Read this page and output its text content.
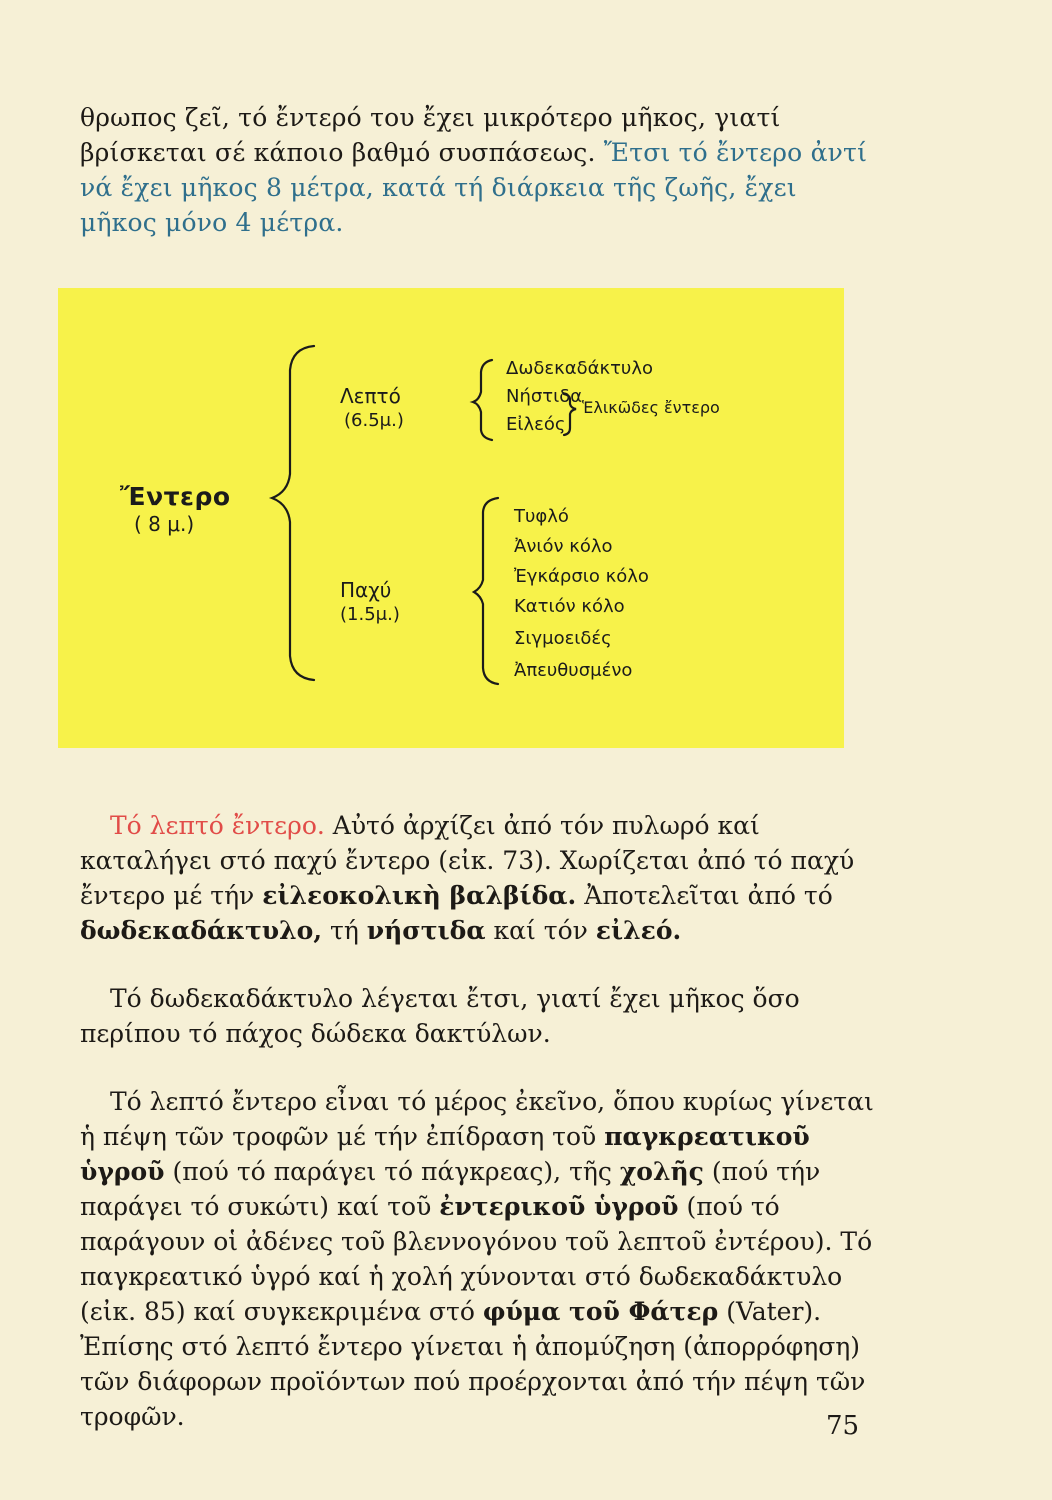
θρωπος ζεῖ, τό ἔντερό του ἔχει μικρότερο μῆκος, γιατί βρίσκεται σέ κάποιο βαθμό συσπάσεως. Ἔτσι τό ἔντερο ἀντί νά ἔχει μῆκος 8 μέτρα, κατά τή διάρκεια τῆς ζωῆς, ἔχει μῆκος μόνο 4 μέτρα.
Ἔντερο
( 8 μ.)
Λεπτό
(6.5μ.)
Δωδεκαδάκτυλο
Νήστιδα
Εἰλεός
Ἑλικῶδες ἔντερο
Παχύ
(1.5μ.)
Τυφλό
Ἀνιόν κόλο
Ἐγκάρσιο κόλο
Κατιόν κόλο
Σιγμοειδές
Ἀπευθυσμένο

Τό λεπτό ἔντερο. Αὐτό ἀρχίζει ἀπό τόν πυλωρό καί καταλήγει στό παχύ ἔντερο (εἰκ. 73). Χωρίζεται ἀπό τό παχύ ἔντερο μέ τήν εἰλεοκολικὴ βαλβίδα. Ἀποτελεῖται ἀπό τό δωδεκαδάκτυλο, τή νήστιδα καί τόν εἰλεό.

Τό δωδεκαδάκτυλο λέγεται ἔτσι, γιατί ἔχει μῆκος ὅσο περίπου τό πάχος δώδεκα δακτύλων.

Τό λεπτό ἔντερο εἶναι τό μέρος ἐκεῖνο, ὅπου κυρίως γίνεται ἡ πέψη τῶν τροφῶν μέ τήν ἐπίδραση τοῦ παγκρεατικοῦ ὑγροῦ (πού τό παράγει τό πάγκρεας), τῆς χολῆς (πού τήν παράγει τό συκώτι) καί τοῦ ἐντερικοῦ ὑγροῦ (πού τό παράγουν οἱ ἀδένες τοῦ βλεννογόνου τοῦ λεπτοῦ ἐντέρου). Τό παγκρεατικό ὑγρό καί ἡ χολή χύνονται στό δωδεκαδάκτυλο (εἰκ. 85) καί συγκεκριμένα στό φύμα τοῦ Φάτερ (Vater). Ἐπίσης στό λεπτό ἔντερο γίνεται ἡ ἀπομύζηση (ἀπορρόφηση) τῶν διάφορων προϊόντων πού προέρχονται ἀπό τήν πέψη τῶν τροφῶν.	75
